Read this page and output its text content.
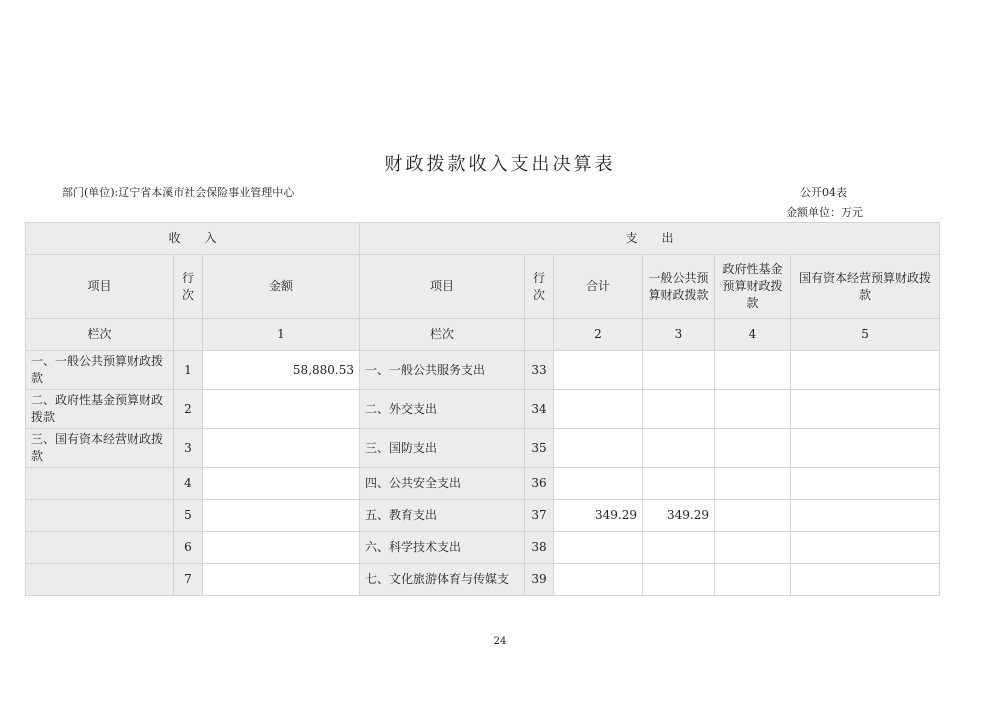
财政拨款收入支出决算表
部门(单位):辽宁省本溪市社会保险事业管理中心	公开04表
金额单位：万元
收　　入			支　　出					
项目	行次	金额	项目	行次	合计	一般公共预算财政拨款	政府性基金预算财政拨款	国有资本经营预算财政拨款
栏次		1	栏次		2	3	4	5
一、一般公共预算财政拨款	1	58,880.53	一、一般公共服务支出	33				
二、政府性基金预算财政拨款	2		二、外交支出	34				
三、国有资本经营财政拨款	3		三、国防支出	35				
	4		四、公共安全支出	36				
	5		五、教育支出	37	349.29	349.29		
	6		六、科学技术支出	38				
	7		七、文化旅游体育与传媒支	39				
24
